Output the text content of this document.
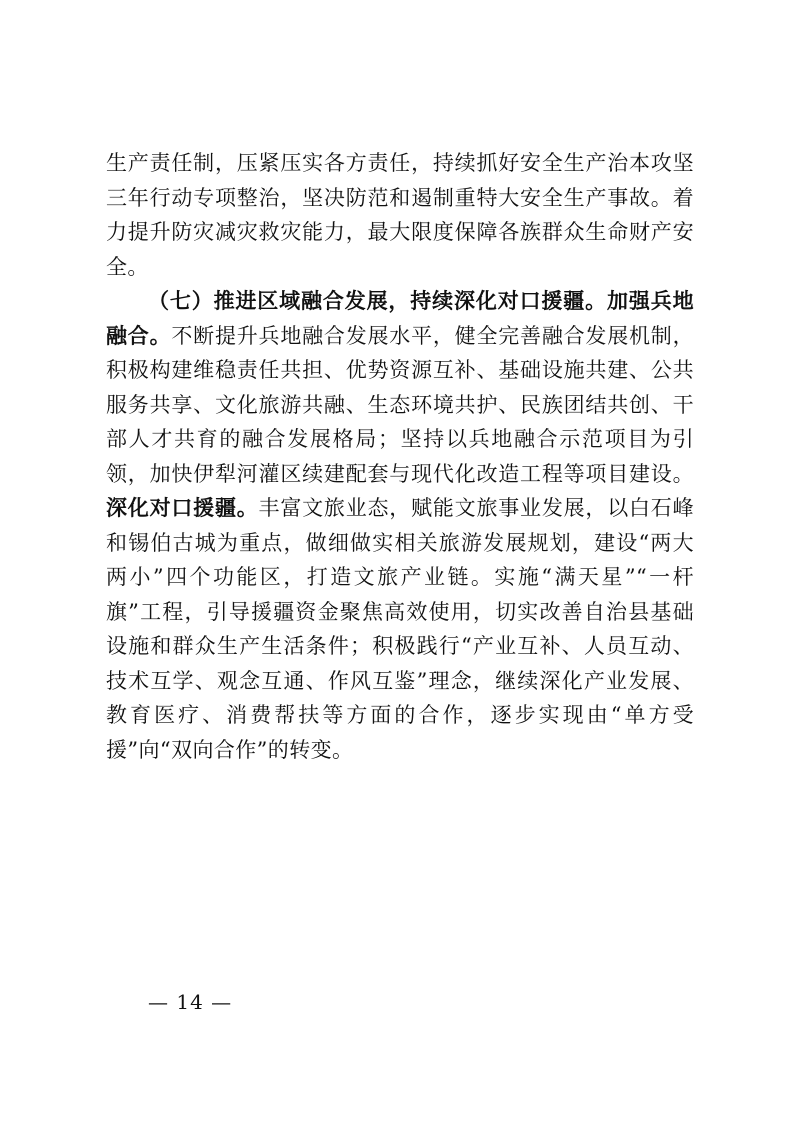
生产责任制，压紧压实各方责任，持续抓好安全生产治本攻坚三年行动专项整治，坚决防范和遏制重特大安全生产事故。着力提升防灾减灾救灾能力，最大限度保障各族群众生命财产安全。

（七）推进区域融合发展，持续深化对口援疆。加强兵地融合。不断提升兵地融合发展水平，健全完善融合发展机制，积极构建维稳责任共担、优势资源互补、基础设施共建、公共服务共享、文化旅游共融、生态环境共护、民族团结共创、干部人才共育的融合发展格局；坚持以兵地融合示范项目为引领，加快伊犁河灌区续建配套与现代化改造工程等项目建设。深化对口援疆。丰富文旅业态，赋能文旅事业发展，以白石峰和锡伯古城为重点，做细做实相关旅游发展规划，建设“两大两小”四个功能区，打造文旅产业链。实施“满天星”“一杆旗”工程，引导援疆资金聚焦高效使用，切实改善自治县基础设施和群众生产生活条件；积极践行“产业互补、人员互动、技术互学、观念互通、作风互鉴”理念，继续深化产业发展、教育医疗、消费帮扶等方面的合作，逐步实现由“单方受援”向“双向合作”的转变。

— 14 —
